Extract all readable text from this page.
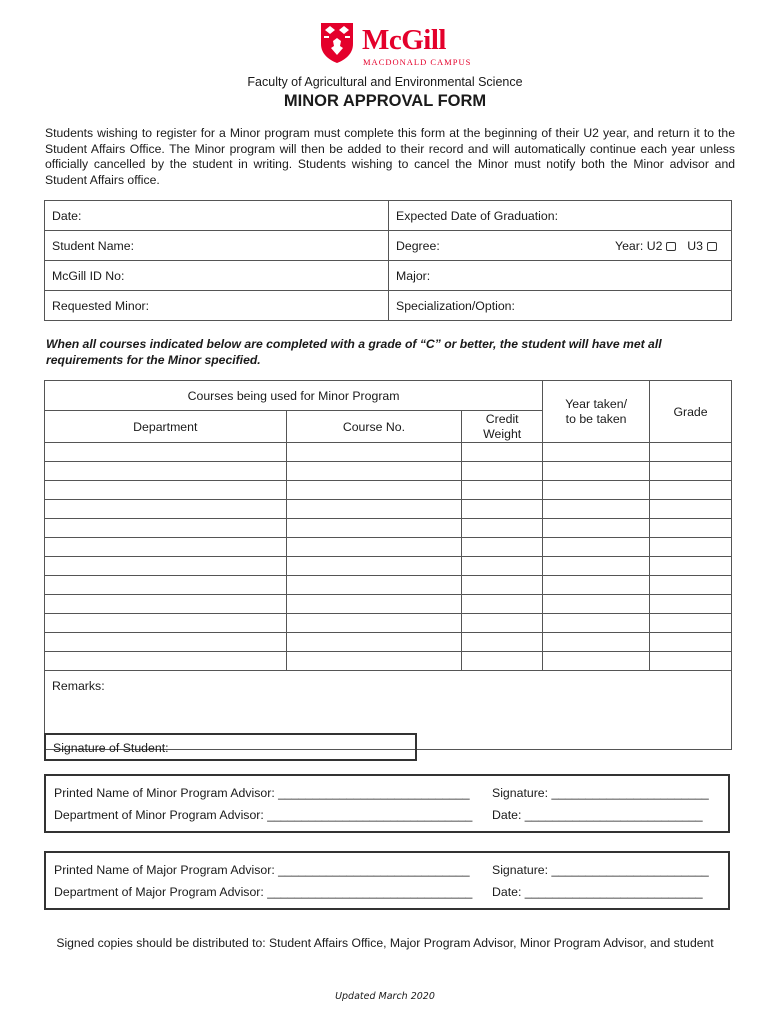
McGill
MACDONALD CAMPUS
Faculty of Agricultural and Environmental Science
MINOR APPROVAL FORM
Students wishing to register for a Minor program must complete this form at the beginning of their U2 year, and return it to the Student Affairs Office. The Minor program will then be added to their record and will automatically continue each year unless officially cancelled by the student in writing. Students wishing to cancel the Minor must notify both the Minor advisor and Student Affairs office.
Date:	Expected Date of Graduation:
Student Name:	Degree: Year: U2 U3

McGill ID No:	Major:
Requested Minor:	Specialization/Option:
When all courses indicated below are completed with a grade of “C” or better, the student will have met all requirements for the Minor specified.
Courses being used for Minor Program			Year taken/ to be taken	Grade
Department	Course No.	Credit Weight		

Remarks:				
Signature of Student:
Printed Name of Minor Program Advisor: ____________________________ Signature: _______________________
Department of Minor Program Advisor: ______________________________ Date: __________________________
Printed Name of Major Program Advisor: ____________________________ Signature: _______________________
Department of Major Program Advisor: ______________________________ Date: __________________________
Signed copies should be distributed to: Student Affairs Office, Major Program Advisor, Minor Program Advisor, and student
Updated March 2020
